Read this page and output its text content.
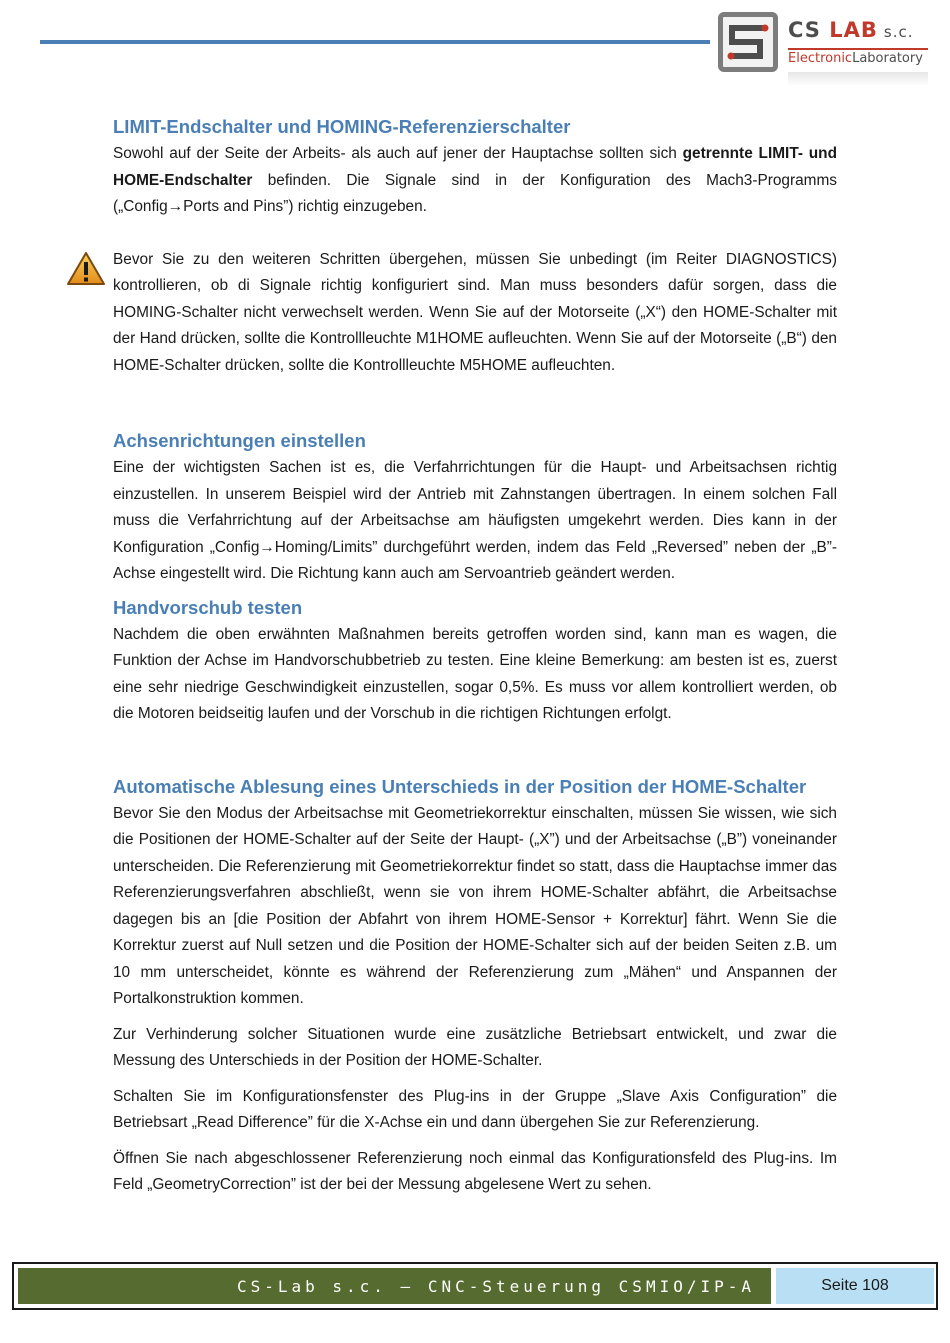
CS LAB s.c.
ElectronicLaboratory
LIMIT-Endschalter und HOMING-Referenzierschalter

Sowohl auf der Seite der Arbeits- als auch auf jener der Hauptachse sollten sich getrennte LIMIT- und HOME-Endschalter befinden. Die Signale sind in der Konfiguration des Mach3-Programms („Config→Ports and Pins”) richtig einzugeben.

Bevor Sie zu den weiteren Schritten übergehen, müssen Sie unbedingt (im Reiter DIAGNOSTICS) kontrollieren, ob di Signale richtig konfiguriert sind. Man muss besonders dafür sorgen, dass die HOMING-Schalter nicht verwechselt werden. Wenn Sie auf der Motorseite („X“) den HOME-Schalter mit der Hand drücken, sollte die Kontrollleuchte M1HOME aufleuchten. Wenn Sie auf der Motorseite („B“) den HOME-Schalter drücken, sollte die Kontrollleuchte M5HOME aufleuchten.

Achsenrichtungen einstellen

Eine der wichtigsten Sachen ist es, die Verfahrrichtungen für die Haupt- und Arbeitsachsen richtig einzustellen. In unserem Beispiel wird der Antrieb mit Zahnstangen übertragen. In einem solchen Fall muss die Verfahrrichtung auf der Arbeitsachse am häufigsten umgekehrt werden. Dies kann in der Konfiguration „Config→Homing/Limits” durchgeführt werden, indem das Feld „Reversed” neben der „B”-Achse eingestellt wird. Die Richtung kann auch am Servoantrieb geändert werden.

Handvorschub testen

Nachdem die oben erwähnten Maßnahmen bereits getroffen worden sind, kann man es wagen, die Funktion der Achse im Handvorschubbetrieb zu testen. Eine kleine Bemerkung: am besten ist es, zuerst eine sehr niedrige Geschwindigkeit einzustellen, sogar 0,5%. Es muss vor allem kontrolliert werden, ob die Motoren beidseitig laufen und der Vorschub in die richtigen Richtungen erfolgt.

Automatische Ablesung eines Unterschieds in der Position der HOME-Schalter

Bevor Sie den Modus der Arbeitsachse mit Geometriekorrektur einschalten, müssen Sie wissen, wie sich die Positionen der HOME-Schalter auf der Seite der Haupt- („X”) und der Arbeitsachse („B”) voneinander unterscheiden. Die Referenzierung mit Geometriekorrektur findet so statt, dass die Hauptachse immer das Referenzierungsverfahren abschließt, wenn sie von ihrem HOME-Schalter abfährt, die Arbeitsachse dagegen bis an [die Position der Abfahrt von ihrem HOME-Sensor + Korrektur] fährt. Wenn Sie die Korrektur zuerst auf Null setzen und die Position der HOME-Schalter sich auf der beiden Seiten z.B. um 10 mm unterscheidet, könnte es während der Referenzierung zum „Mähen“ und Anspannen der Portalkonstruktion kommen.

Zur Verhinderung solcher Situationen wurde eine zusätzliche Betriebsart entwickelt, und zwar die Messung des Unterschieds in der Position der HOME-Schalter.

Schalten Sie im Konfigurationsfenster des Plug-ins in der Gruppe „Slave Axis Configuration” die Betriebsart „Read Difference” für die X-Achse ein und dann übergehen Sie zur Referenzierung.

Öffnen Sie nach abgeschlossener Referenzierung noch einmal das Konfigurationsfeld des Plug-ins. Im Feld „GeometryCorrection” ist der bei der Messung abgelesene Wert zu sehen.

CS-Lab s.c. – CNC-Steuerung CSMIO/IP-A	Seite 108
